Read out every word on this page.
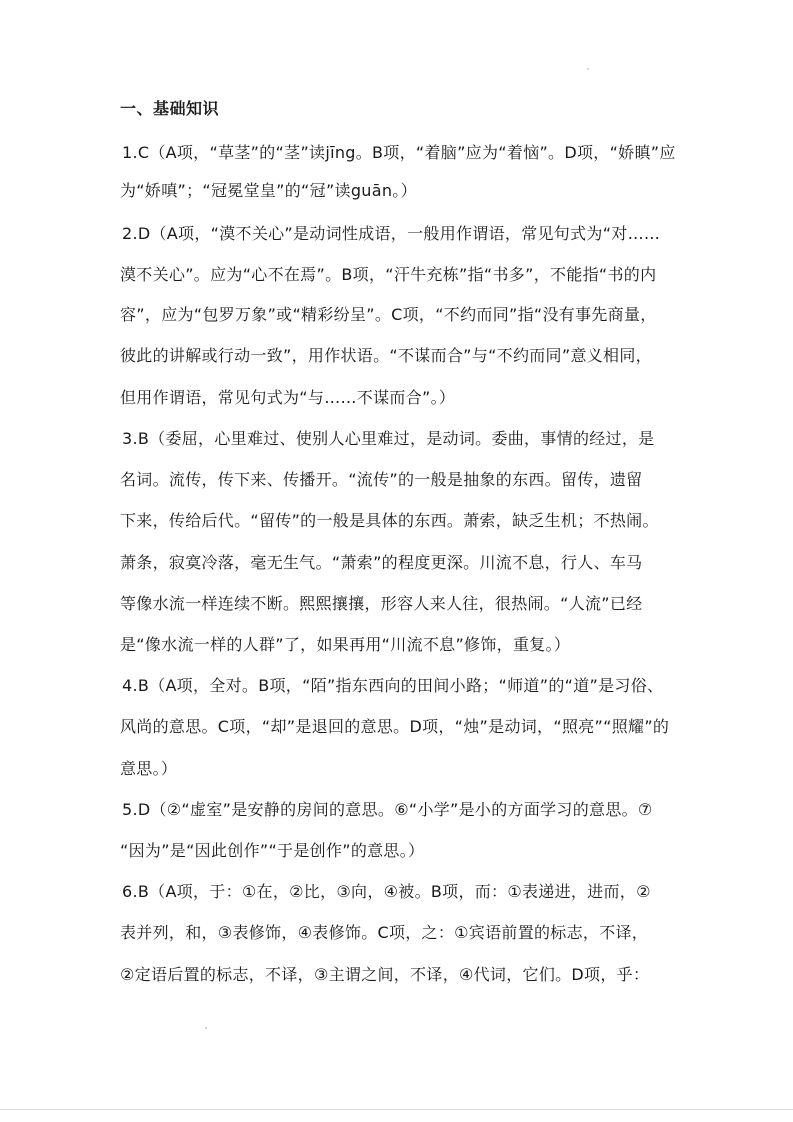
一、基础知识
1.C（A项，“草茎”的“茎”读jīng。B项，“着脑”应为“着恼”。D项，“娇瞋”应
为“娇嗔”；“冠冕堂皇”的“冠”读guān。）
2.D（A项，“漠不关心”是动词性成语，一般用作谓语，常见句式为“对……
漠不关心”。应为“心不在焉”。B项，“汗牛充栋”指“书多”，不能指“书的内
容”，应为“包罗万象”或“精彩纷呈”。C项，“不约而同”指“没有事先商量，
彼此的讲解或行动一致”，用作状语。“不谋而合”与“不约而同”意义相同，
但用作谓语，常见句式为“与……不谋而合”。）
3.B（委屈，心里难过、使别人心里难过，是动词。委曲，事情的经过，是
名词。流传，传下来、传播开。“流传”的一般是抽象的东西。留传，遗留
下来，传给后代。“留传”的一般是具体的东西。萧索，缺乏生机；不热闹。
萧条，寂寞冷落，毫无生气。“萧索”的程度更深。川流不息，行人、车马
等像水流一样连续不断。熙熙攘攘，形容人来人往，很热闹。“人流”已经
是“像水流一样的人群”了，如果再用“川流不息”修饰，重复。）
4.B（A项，全对。B项，“陌”指东西向的田间小路；“师道”的“道”是习俗、
风尚的意思。C项，“却”是退回的意思。D项，“烛”是动词，“照亮”“照耀”的
意思。）
5.D（②“虚室”是安静的房间的意思。⑥“小学”是小的方面学习的意思。⑦
“因为”是“因此创作”“于是创作”的意思。）
6.B（A项，于：①在，②比，③向，④被。B项，而：①表递进，进而，②
表并列，和，③表修饰，④表修饰。C项，之：①宾语前置的标志，不译，
②定语后置的标志，不译，③主谓之间，不译，④代词，它们。D项，乎：
